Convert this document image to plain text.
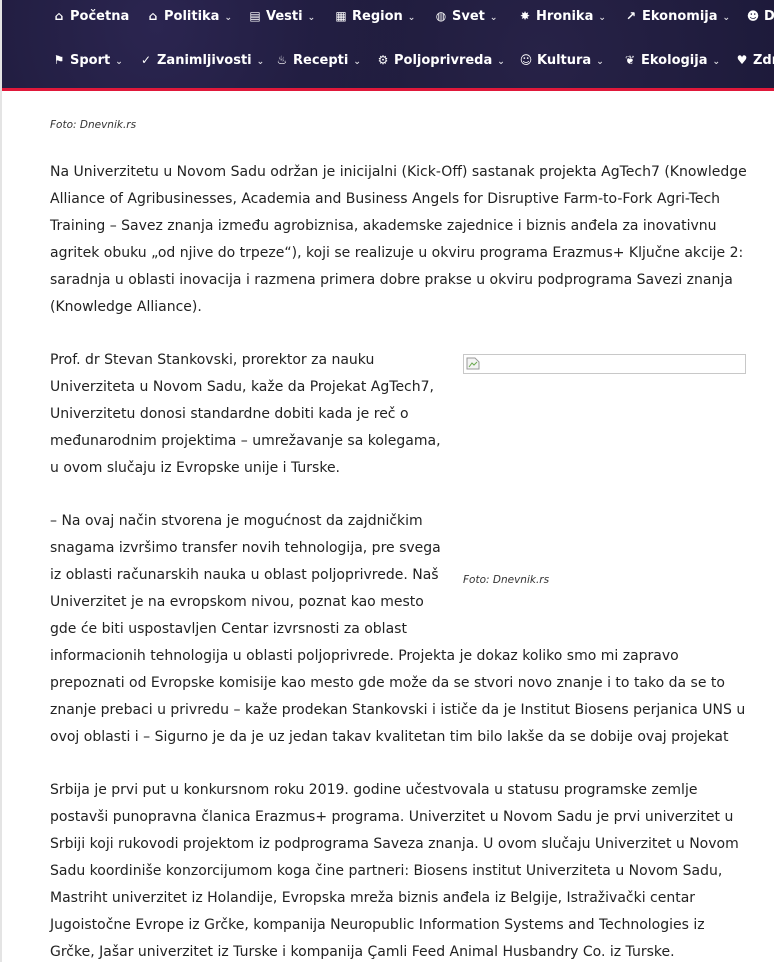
⌂ Početna ⌂ Politika ⌄ ▤ Vesti ⌄ ▦ Region ⌄ ◍ Svet ⌄ ✸ Hronika ⌄ ↗ Ekonomija ⌄ ☻ D
⚑ Sport ⌄ ✓ Zanimljivosti ⌄ ♨ Recepti ⌄ ⚙ Poljoprivreda ⌄ ☺ Kultura ⌄ ❦ Ekologija ⌄ ♥ Zdr
Foto: Dnevnik.rs

Na Univerzitetu u Novom Sadu održan je inicijalni (Kick-Off) sastanak projekta AgTech7 (Knowledge Alliance of Agribusinesses, Academia and Business Angels for Disruptive Farm-to-Fork Agri-Tech Training – Savez znanja između agrobiznisa, akademske zajednice i biznis anđela za inovativnu agritek obuku „od njive do trpeze“), koji se realizuje u okviru programa Erazmus+ Ključne akcije 2: saradnja u oblasti inovacija i razmena primera dobre prakse u okviru podprograma Savezi znanja (Knowledge Alliance).

Prof. dr Stevan Stankovski, prorektor za nauku Univerziteta u Novom Sadu, kaže da Projekat AgTech7, Univerzitetu donosi standardne dobiti kada je reč o međunarodnim projektima – umrežavanje sa kolegama, u ovom slučaju iz Evropske unije i Turske.

– Na ovaj način stvorena je mogućnost da zajdničkim snagama izvršimo transfer novih tehnologija, pre svega iz oblasti računarskih nauka u oblast poljoprivrede. Naš Univerzitet je na evropskom nivou, poznat kao mesto gde će biti uspostavljen Centar izvrsnosti za oblast

informacionih tehnologija u oblasti poljoprivrede. Projekta je dokaz koliko smo mi zapravo prepoznati od Evropske komisije kao mesto gde može da se stvori novo znanje i to tako da se to znanje prebaci u privredu – kaže prodekan Stankovski i ističe da je Institut Biosens perjanica UNS u ovoj oblasti i – Sigurno je da je uz jedan takav kvalitetan tim bilo lakše da se dobije ovaj projekat

Foto: Dnevnik.rs

Srbija je prvi put u konkursnom roku 2019. godine učestvovala u statusu programske zemlje postavši punopravna članica Erazmus+ programa. Univerzitet u Novom Sadu je prvi univerzitet u Srbiji koji rukovodi projektom iz podprograma Saveza znanja. U ovom slučaju Univerzitet u Novom Sadu koordiniše konzorcijumom koga čine partneri: Biosens institut Univerziteta u Novom Sadu, Mastriht univerzitet iz Holandije, Evropska mreža biznis anđela iz Belgije, Istraživački centar Jugoistočne Evrope iz Grčke, kompanija Neuropublic Information Systems and Technologies iz Grčke, Jašar univerzitet iz Turske i kompanija Çamli Feed Animal Husbandry Co. iz Turske.
